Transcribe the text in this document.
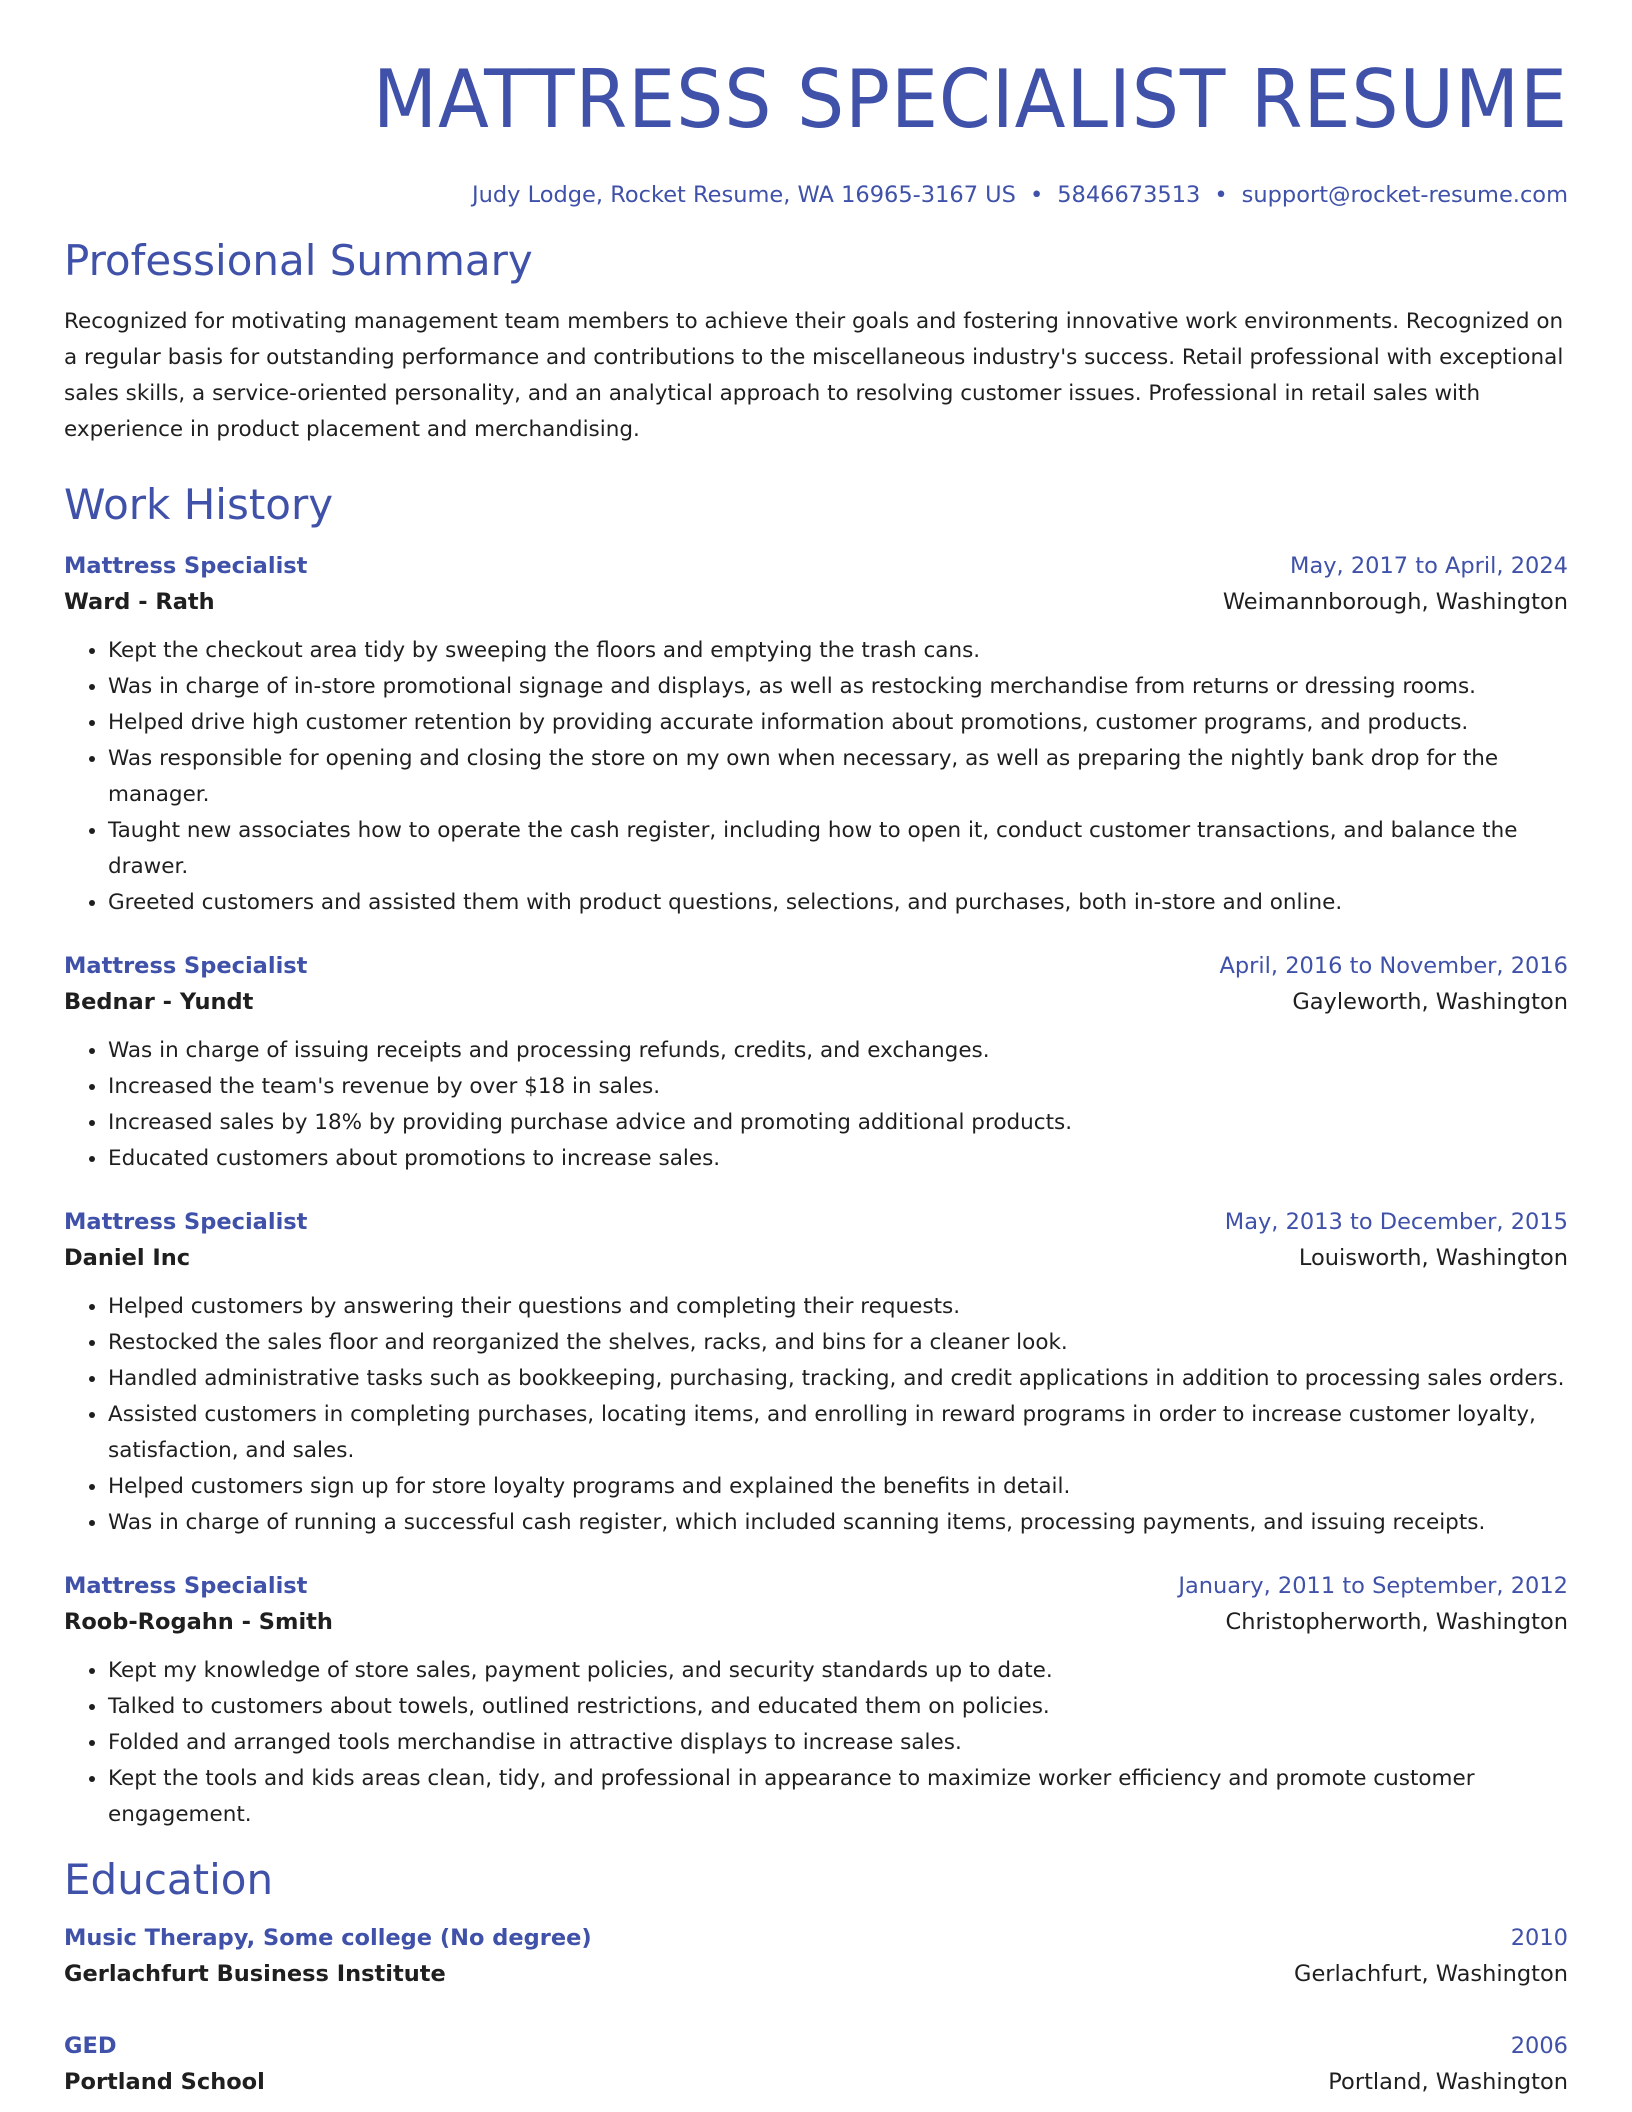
MATTRESS SPECIALIST RESUME
Judy Lodge, Rocket Resume, WA 16965-3167 US • 5846673513 • support@rocket-resume.com
Professional Summary
Recognized for motivating management team members to achieve their goals and fostering innovative work environments. Recognized on a regular basis for outstanding performance and contributions to the miscellaneous industry's success. Retail professional with exceptional sales skills, a service-oriented personality, and an analytical approach to resolving customer issues. Professional in retail sales with experience in product placement and merchandising.
Work History
Mattress Specialist	May, 2017 to April, 2024
Ward - Rath	Weimannborough, Washington
• Kept the checkout area tidy by sweeping the floors and emptying the trash cans.
• Was in charge of in-store promotional signage and displays, as well as restocking merchandise from returns or dressing rooms.
• Helped drive high customer retention by providing accurate information about promotions, customer programs, and products.
• Was responsible for opening and closing the store on my own when necessary, as well as preparing the nightly bank drop for the manager.
• Taught new associates how to operate the cash register, including how to open it, conduct customer transactions, and balance the drawer.
• Greeted customers and assisted them with product questions, selections, and purchases, both in-store and online.
Mattress Specialist	April, 2016 to November, 2016
Bednar - Yundt	Gayleworth, Washington
• Was in charge of issuing receipts and processing refunds, credits, and exchanges.
• Increased the team's revenue by over $18 in sales.
• Increased sales by 18% by providing purchase advice and promoting additional products.
• Educated customers about promotions to increase sales.
Mattress Specialist	May, 2013 to December, 2015
Daniel Inc	Louisworth, Washington
• Helped customers by answering their questions and completing their requests.
• Restocked the sales floor and reorganized the shelves, racks, and bins for a cleaner look.
• Handled administrative tasks such as bookkeeping, purchasing, tracking, and credit applications in addition to processing sales orders.
• Assisted customers in completing purchases, locating items, and enrolling in reward programs in order to increase customer loyalty, satisfaction, and sales.
• Helped customers sign up for store loyalty programs and explained the benefits in detail.
• Was in charge of running a successful cash register, which included scanning items, processing payments, and issuing receipts.
Mattress Specialist	January, 2011 to September, 2012
Roob-Rogahn - Smith	Christopherworth, Washington
• Kept my knowledge of store sales, payment policies, and security standards up to date.
• Talked to customers about towels, outlined restrictions, and educated them on policies.
• Folded and arranged tools merchandise in attractive displays to increase sales.
• Kept the tools and kids areas clean, tidy, and professional in appearance to maximize worker efficiency and promote customer engagement.
Education
Music Therapy, Some college (No degree)	2010
Gerlachfurt Business Institute	Gerlachfurt, Washington
GED	2006
Portland School	Portland, Washington
